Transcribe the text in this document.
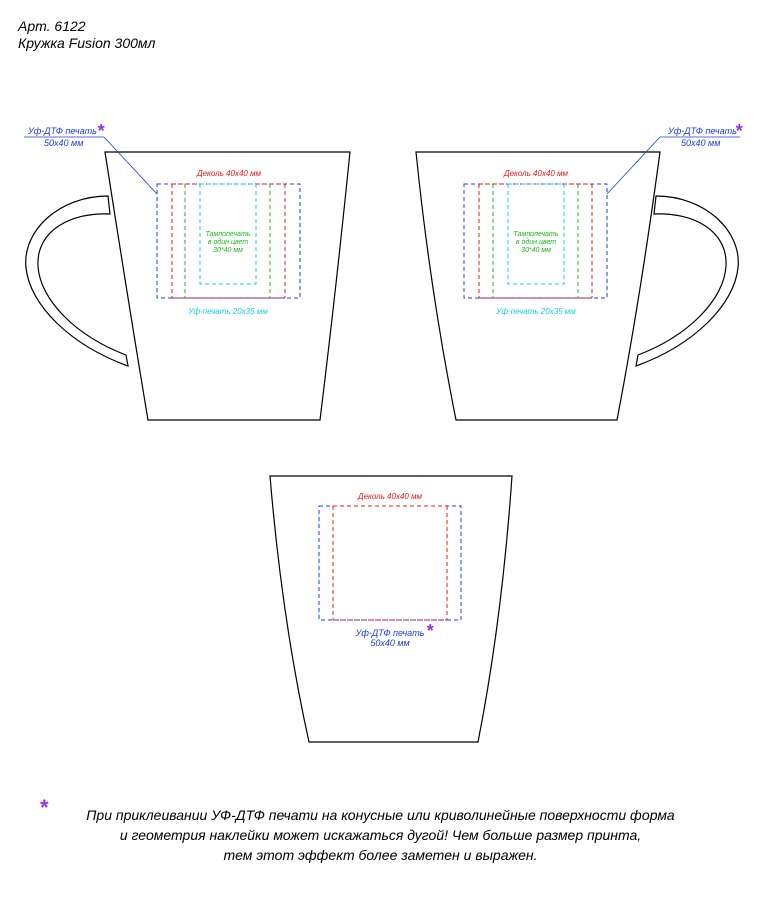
Арт. 6122
Кружка Fusion 300мл
Деколь 40х40 мм
Тампопечать
в один цвет
30*40 мм
Уф-печать 20х35 мм
Уф-ДТФ печать *
50х40 мм
Деколь 40х40 мм
Тампопечать
в один цвет
30*40 мм
Уф-печать 20х35 мм
Уф-ДТФ печать
*
50х40 мм
Деколь 40х40 мм
Уф-ДТФ печать *
50х40 мм
*	При приклеивании УФ-ДТФ печати на конусные или криволинейные поверхности форма
и геометрия наклейки может искажаться дугой! Чем больше размер принта,
тем этот эффект более заметен и выражен.
